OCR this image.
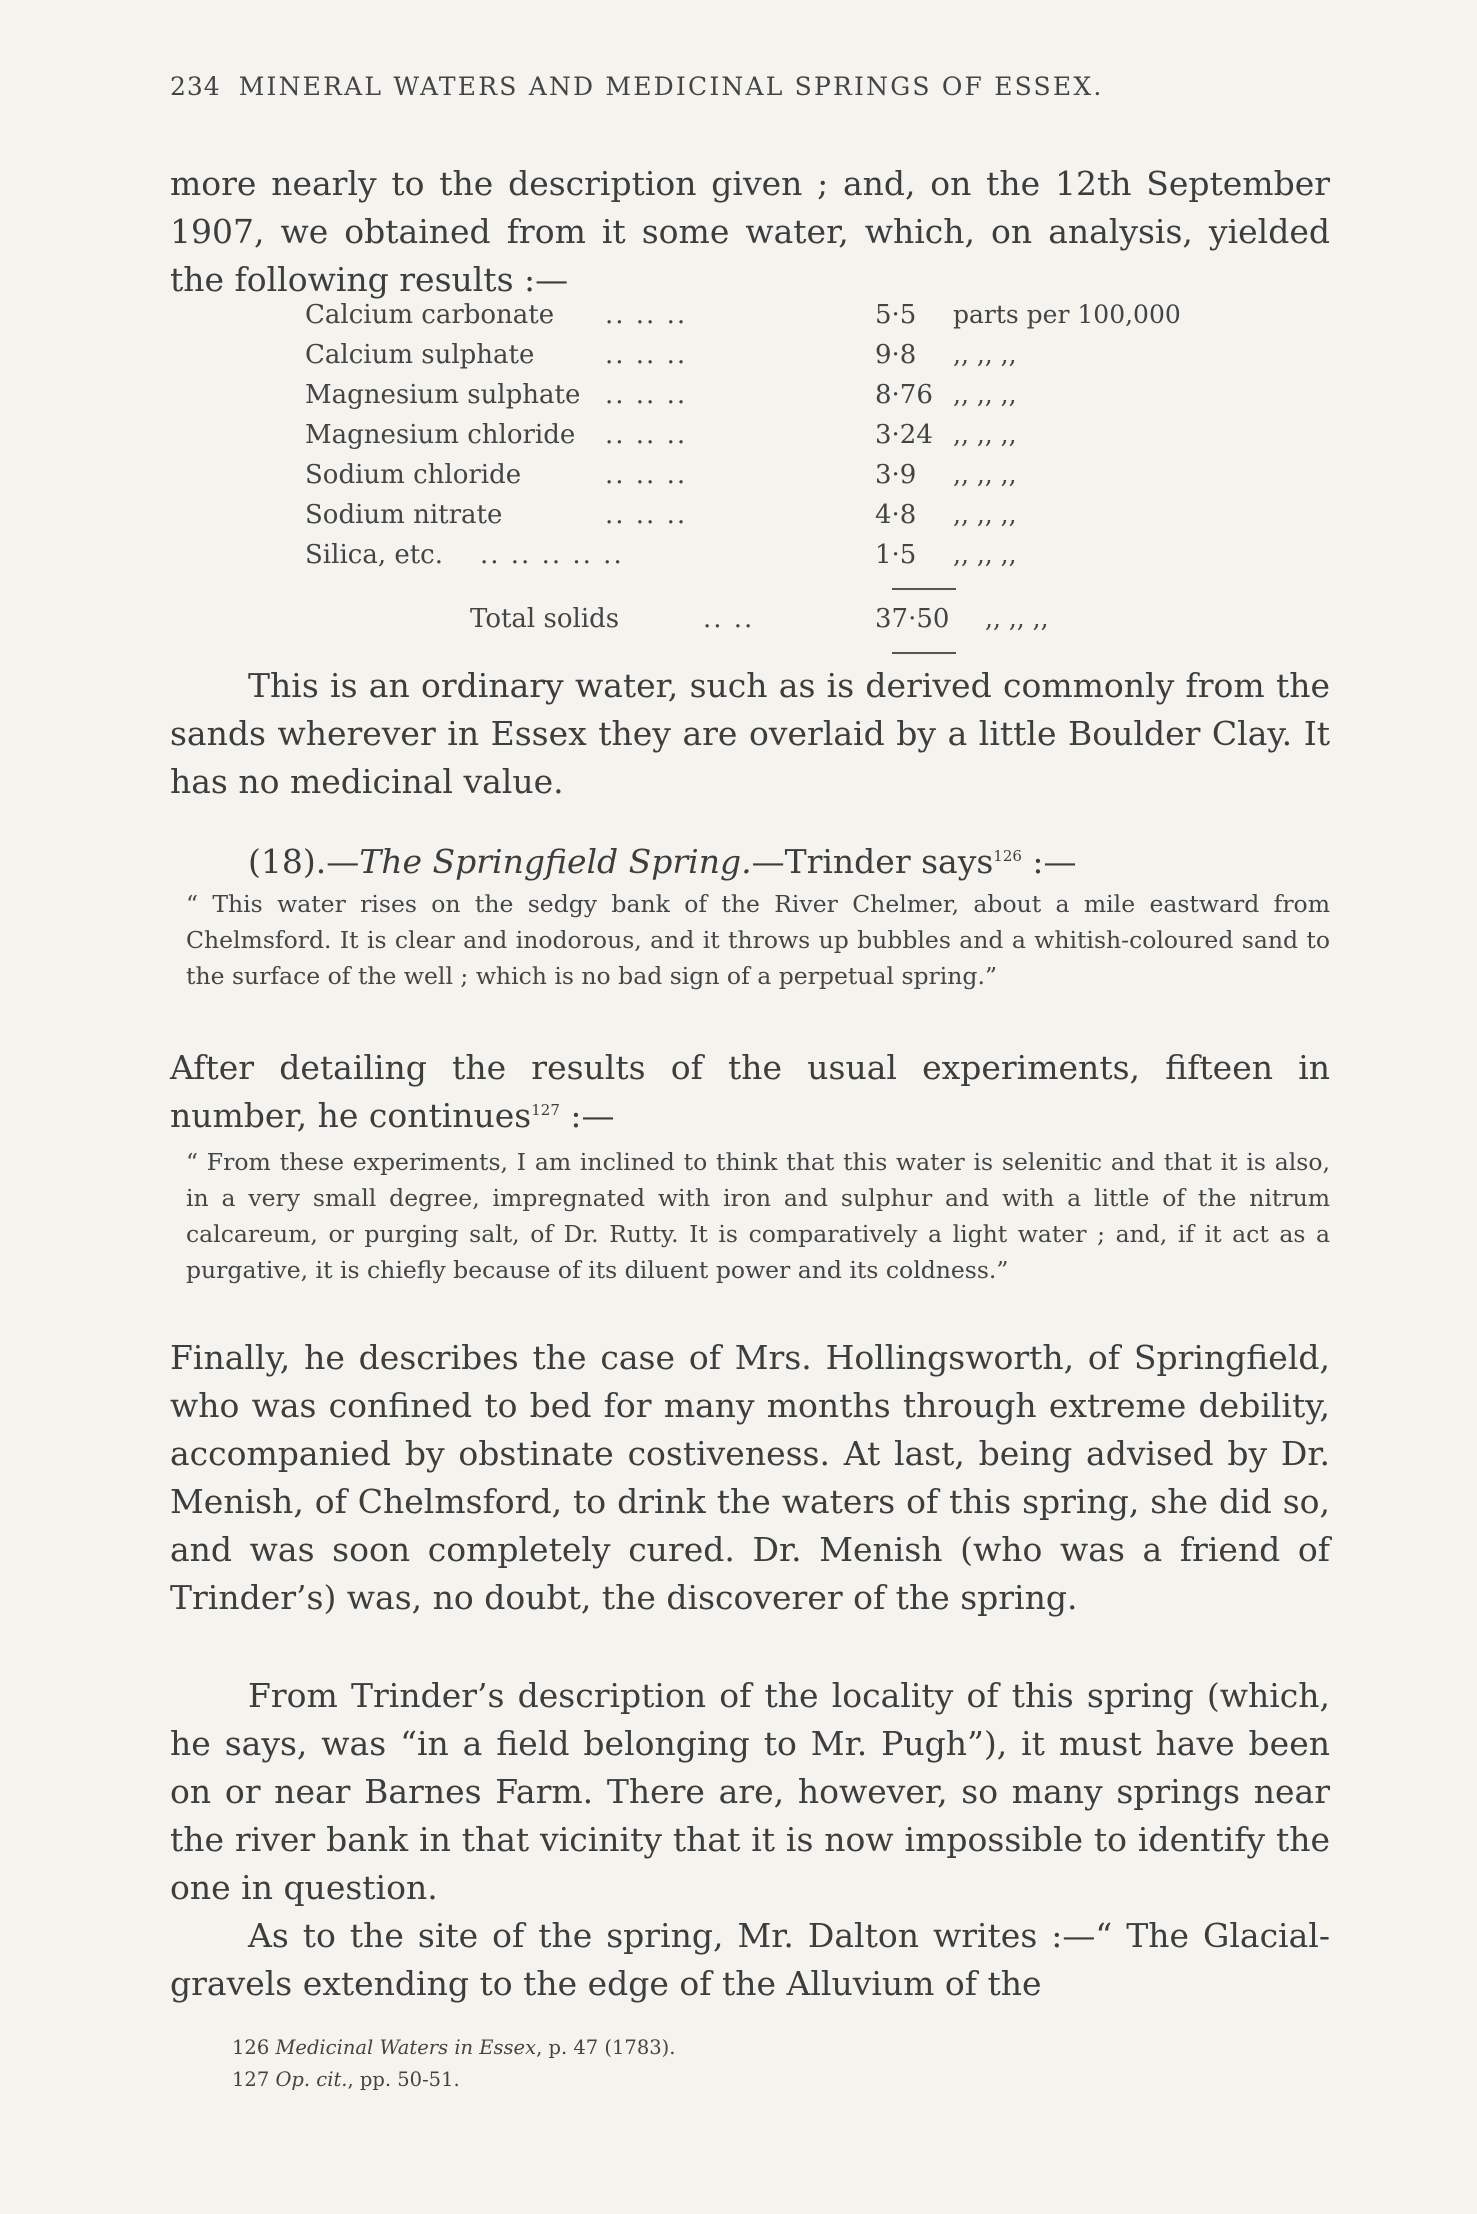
234 MINERAL WATERS AND MEDICINAL SPRINGS OF ESSEX.

more nearly to the description given ; and, on the 12th September 1907, we obtained from it some water, which, on analysis, yielded the following results :—

Calcium carbonate .. .. ..	5·5 parts per 100,000
Calcium sulphate	.. .. ..	9·8 ,, ,, ,,
Magnesium sulphate .. .. ..	8·76 ,, ,, ,,
Magnesium chloride .. .. ..	3·24 ,, ,, ,,
Sodium chloride	.. .. ..	3·9 ,, ,, ,,
Sodium nitrate	.. .. ..	4·8 ,, ,, ,,
Silica, etc. .. .. .. .. ..	1·5 ,, ,, ,,
Total solids	.. ..	37·50 ,, ,, ,,

This is an ordinary water, such as is derived commonly from the sands wherever in Essex they are overlaid by a little Boulder Clay. It has no medicinal value.

(18).—The Springfield Spring.—Trinder says$^{126}$ :—

“ This water rises on the sedgy bank of the River Chelmer, about a mile eastward from Chelmsford. It is clear and inodorous, and it throws up bubbles and a whitish-coloured sand to the surface of the well ; which is no bad sign of a perpetual spring.”

After detailing the results of the usual experiments, fifteen in number, he continues$^{127}$ :—

“ From these experiments, I am inclined to think that this water is selenitic and that it is also, in a very small degree, impregnated with iron and sulphur and with a little of the nitrum calcareum, or purging salt, of Dr. Rutty. It is comparatively a light water ; and, if it act as a purgative, it is chiefly because of its diluent power and its coldness.”

Finally, he describes the case of Mrs. Hollingsworth, of Springfield, who was confined to bed for many months through extreme debility, accompanied by obstinate costiveness. At last, being advised by Dr. Menish, of Chelmsford, to drink the waters of this spring, she did so, and was soon completely cured. Dr. Menish (who was a friend of Trinder’s) was, no doubt, the discoverer of the spring.

From Trinder’s description of the locality of this spring (which, he says, was “in a field belonging to Mr. Pugh”), it must have been on or near Barnes Farm. There are, however, so many springs near the river bank in that vicinity that it is now impossible to identify the one in question.

As to the site of the spring, Mr. Dalton writes :—“ The Glacial-gravels extending to the edge of the Alluvium of the

126 Medicinal Waters in Essex, p. 47 (1783).
127 Op. cit., pp. 50-51.
